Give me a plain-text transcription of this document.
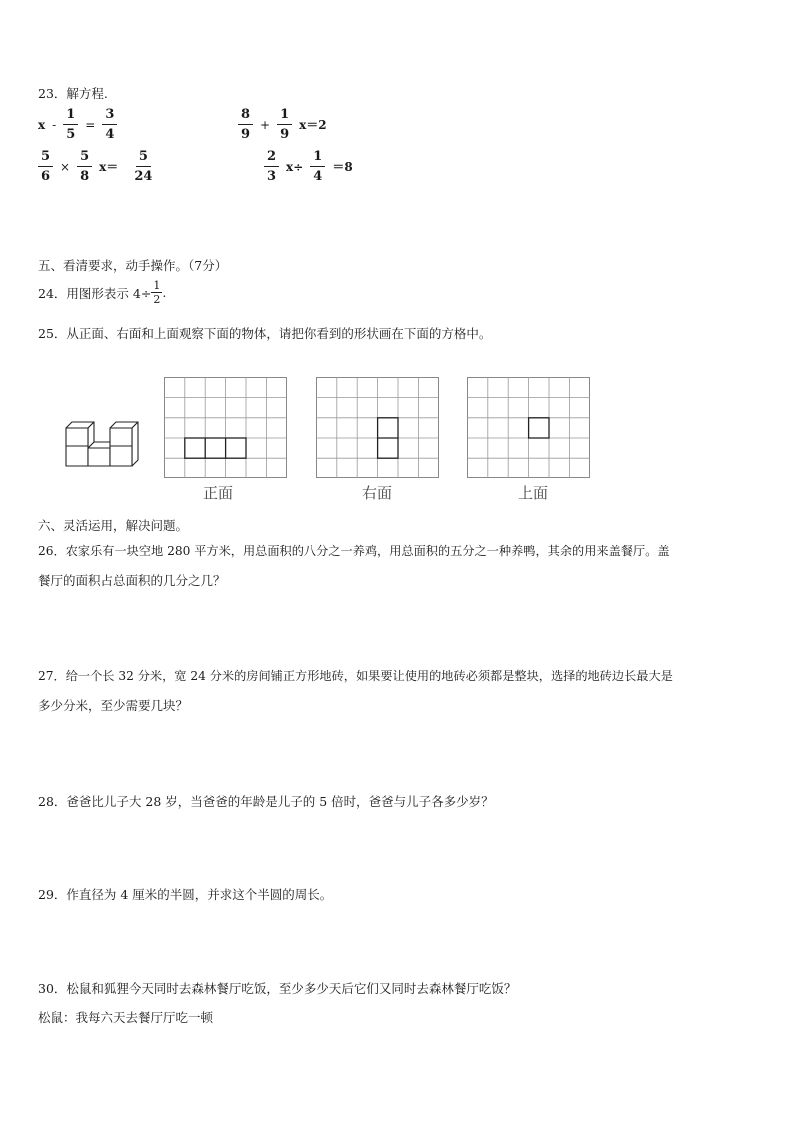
23．解方程.
$x - \frac{1}{5} = \frac{3}{4}$	$\frac{8}{9} + \frac{1}{9} x=2$
$\frac{5}{6} \times \frac{5}{8} x= \frac{5}{24}$	$\frac{2}{3} x\div \frac{1}{4} =8$
五、看清要求，动手操作。（7分）
24．用图形表示 $4\div \frac{1}{2}$ .
25．从正面、右面和上面观察下面的物体，请把你看到的形状画在下面的方格中。
正面	右面	上面
六、灵活运用，解决问题。
26．农家乐有一块空地 280 平方米，用总面积的八分之一养鸡，用总面积的五分之一种养鸭，其余的用来盖餐厅。盖
餐厅的面积占总面积的几分之几？
27．给一个长 32 分米，宽 24 分米的房间铺正方形地砖，如果要让使用的地砖必须都是整块，选择的地砖边长最大是
多少分米，至少需要几块？
28．爸爸比儿子大 28 岁，当爸爸的年龄是儿子的 5 倍时，爸爸与儿子各多少岁？
29．作直径为 4 厘米的半圆，并求这个半圆的周长。
30．松鼠和狐狸今天同时去森林餐厅吃饭，至少多少天后它们又同时去森林餐厅吃饭？
松鼠：我每六天去餐厅厅吃一顿
